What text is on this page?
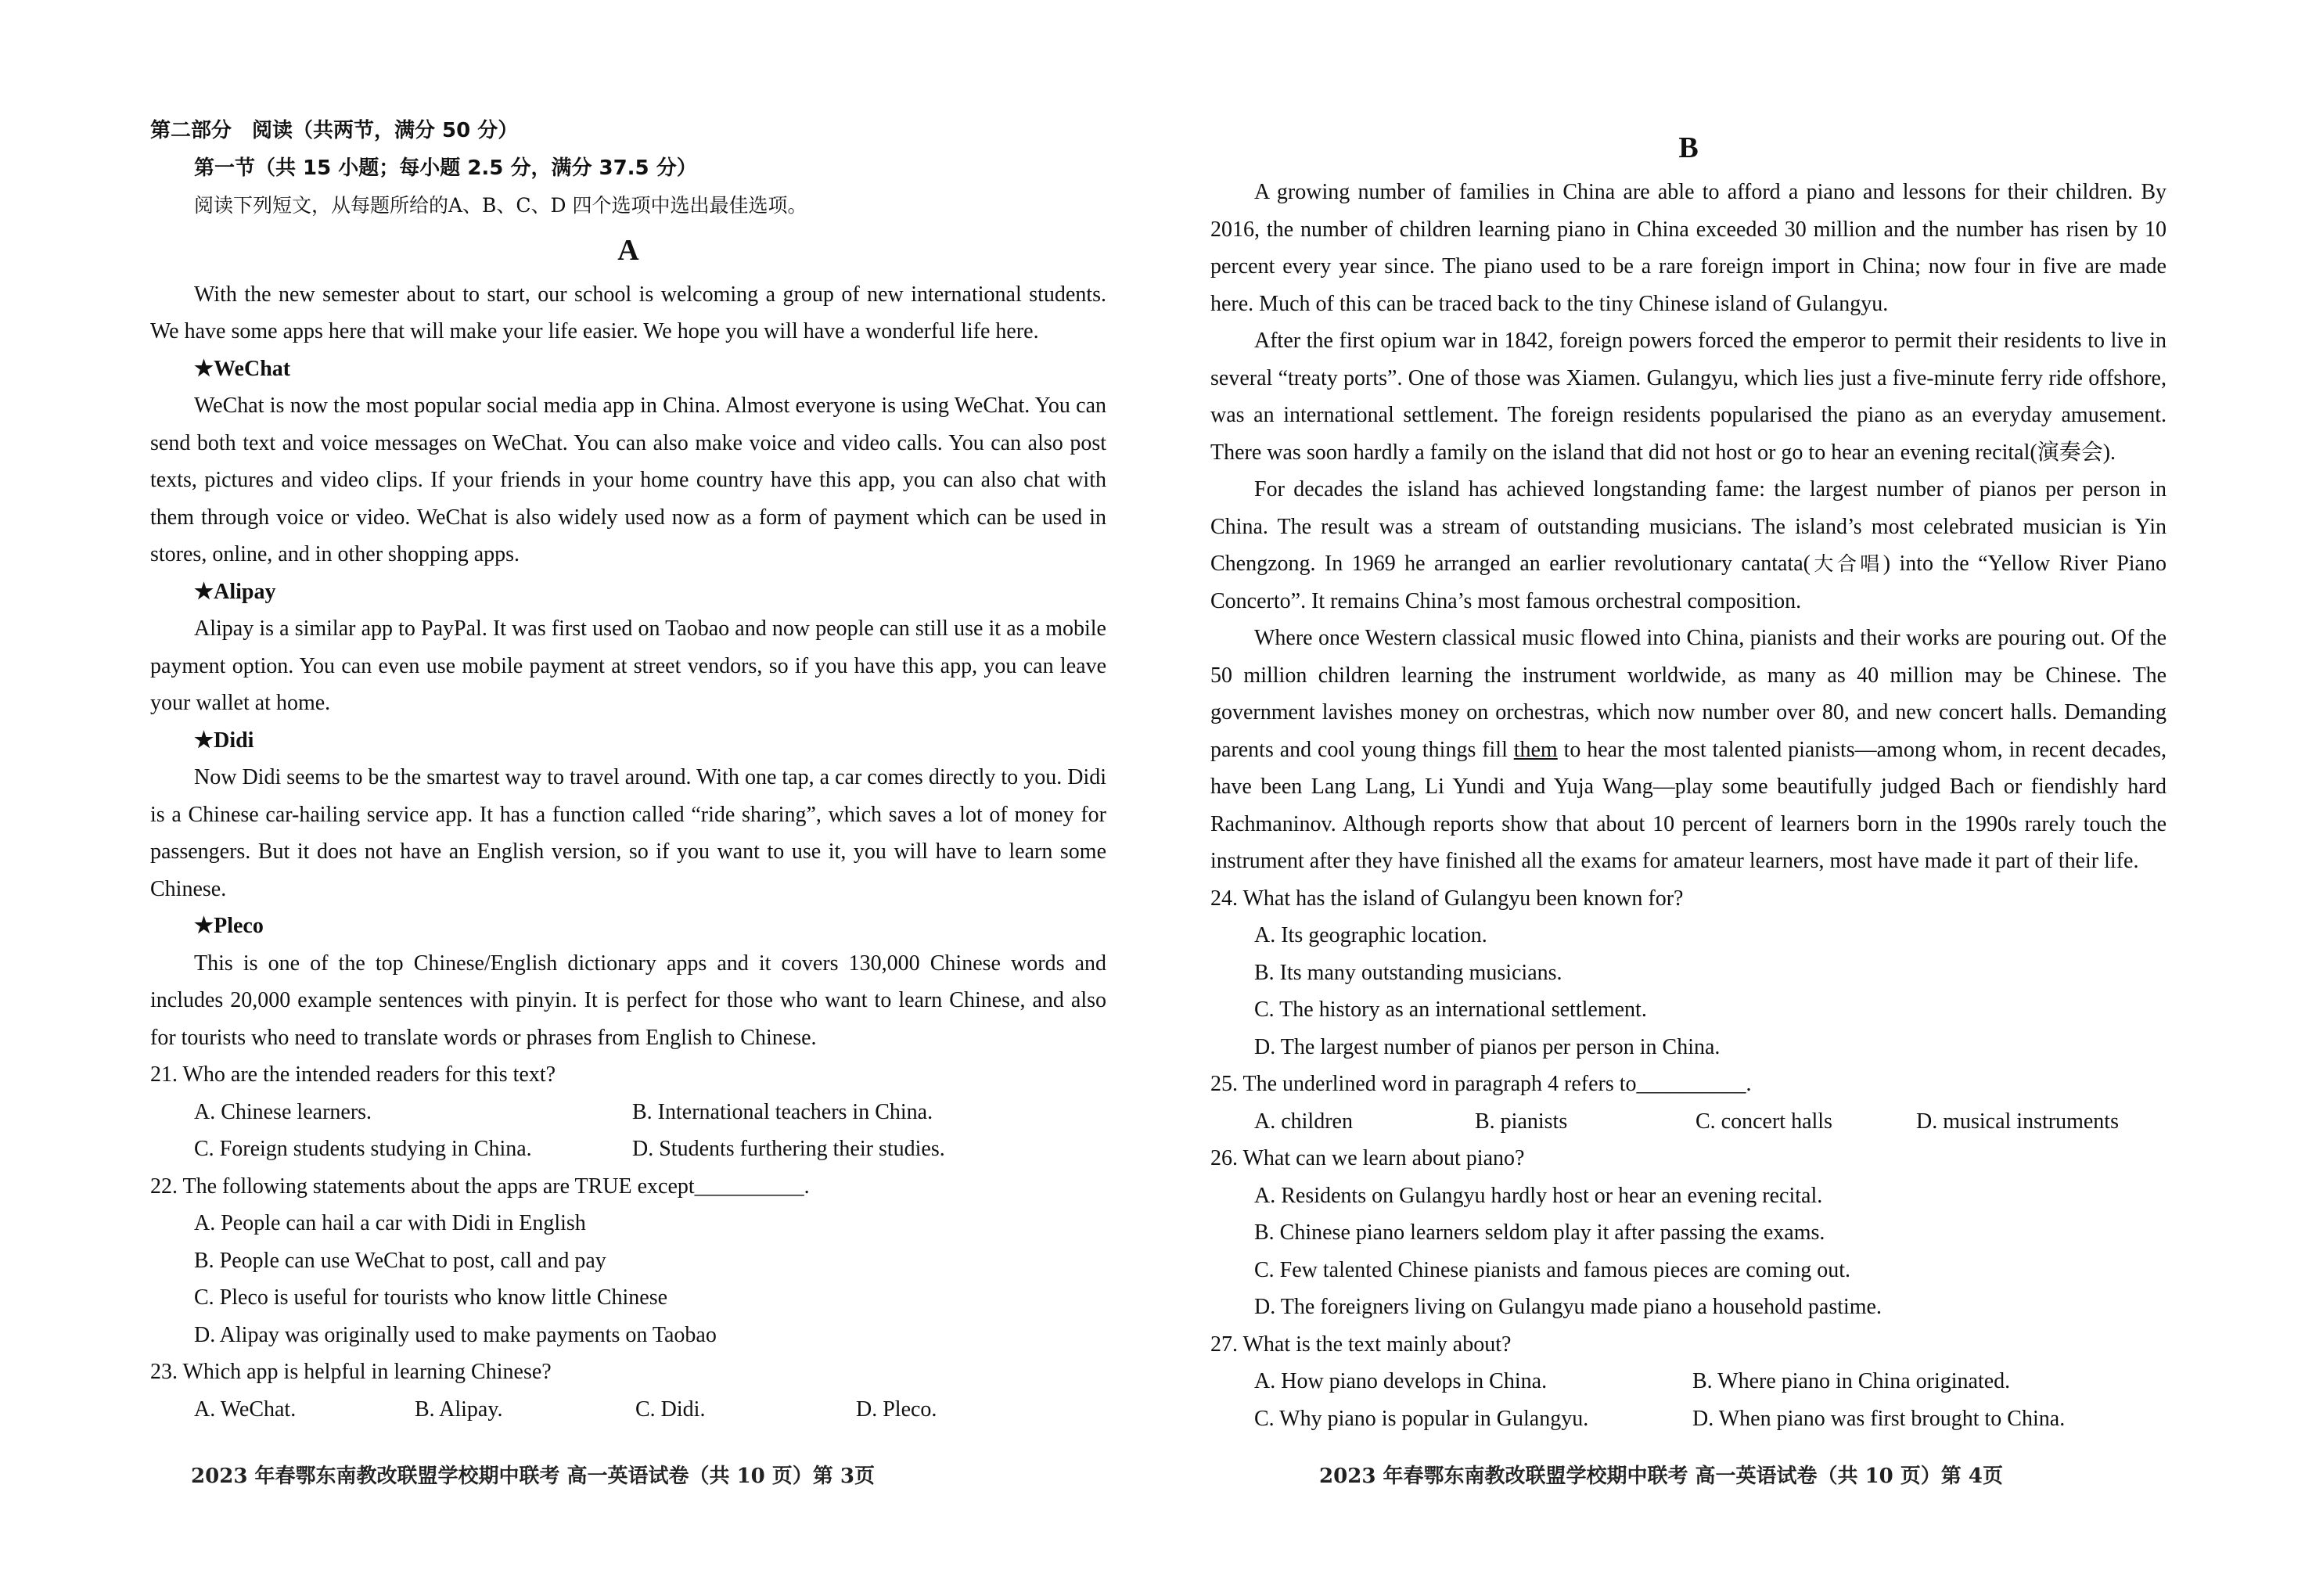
第二部分　阅读（共两节，满分 50 分）
第一节（共 15 小题；每小题 2.5 分，满分 37.5 分）
阅读下列短文，从每题所给的A、B、C、D 四个选项中选出最佳选项。
A

With the new semester about to start, our school is welcoming a group of new international students. We have some apps here that will make your life easier. We hope you will have a wonderful life here.

★WeChat

WeChat is now the most popular social media app in China. Almost everyone is using WeChat. You can send both text and voice messages on WeChat. You can also make voice and video calls. You can also post texts, pictures and video clips. If your friends in your home country have this app, you can also chat with them through voice or video. WeChat is also widely used now as a form of payment which can be used in stores, online, and in other shopping apps.

★Alipay

Alipay is a similar app to PayPal. It was first used on Taobao and now people can still use it as a mobile payment option. You can even use mobile payment at street vendors, so if you have this app, you can leave your wallet at home.

★Didi

Now Didi seems to be the smartest way to travel around. With one tap, a car comes directly to you. Didi is a Chinese car-hailing service app. It has a function called “ride sharing”, which saves a lot of money for passengers. But it does not have an English version, so if you want to use it, you will have to learn some Chinese.

★Pleco

This is one of the top Chinese/English dictionary apps and it covers 130,000 Chinese words and includes 20,000 example sentences with pinyin. It is perfect for those who want to learn Chinese, and also for tourists who need to translate words or phrases from English to Chinese.

21. Who are the intended readers for this text?
A. Chinese learners.	B. International teachers in China.
C. Foreign students studying in China.	D. Students furthering their studies.
22. The following statements about the apps are TRUE except__________.
A. People can hail a car with Didi in English
B. People can use WeChat to post, call and pay
C. Pleco is useful for tourists who know little Chinese
D. Alipay was originally used to make payments on Taobao
23. Which app is helpful in learning Chinese?
A. WeChat.	B. Alipay.	C. Didi.	D. Pleco.
2023 年春鄂东南教改联盟学校期中联考 高一英语试卷（共 10 页）第 3页
B

A growing number of families in China are able to afford a piano and lessons for their children. By 2016, the number of children learning piano in China exceeded 30 million and the number has risen by 10 percent every year since. The piano used to be a rare foreign import in China; now four in five are made here. Much of this can be traced back to the tiny Chinese island of Gulangyu.

After the first opium war in 1842, foreign powers forced the emperor to permit their residents to live in several “treaty ports”. One of those was Xiamen. Gulangyu, which lies just a five-minute ferry ride offshore, was an international settlement. The foreign residents popularised the piano as an everyday amusement. There was soon hardly a family on the island that did not host or go to hear an evening recital(演奏会).

For decades the island has achieved longstanding fame: the largest number of pianos per person in China. The result was a stream of outstanding musicians. The island’s most celebrated musician is Yin Chengzong. In 1969 he arranged an earlier revolutionary cantata(大合唱) into the “Yellow River Piano Concerto”. It remains China’s most famous orchestral composition.

Where once Western classical music flowed into China, pianists and their works are pouring out. Of the 50 million children learning the instrument worldwide, as many as 40 million may be Chinese. The government lavishes money on orchestras, which now number over 80, and new concert halls. Demanding parents and cool young things fill them to hear the most talented pianists—among whom, in recent decades, have been Lang Lang, Li Yundi and Yuja Wang—play some beautifully judged Bach or fiendishly hard Rachmaninov. Although reports show that about 10 percent of learners born in the 1990s rarely touch the instrument after they have finished all the exams for amateur learners, most have made it part of their life.

24. What has the island of Gulangyu been known for?
A. Its geographic location.
B. Its many outstanding musicians.
C. The history as an international settlement.
D. The largest number of pianos per person in China.
25. The underlined word in paragraph 4 refers to__________.
A. children	B. pianists	C. concert halls	D. musical instruments
26. What can we learn about piano?
A. Residents on Gulangyu hardly host or hear an evening recital.
B. Chinese piano learners seldom play it after passing the exams.
C. Few talented Chinese pianists and famous pieces are coming out.
D. The foreigners living on Gulangyu made piano a household pastime.
27. What is the text mainly about?
A. How piano develops in China.	B. Where piano in China originated.
C. Why piano is popular in Gulangyu.	D. When piano was first brought to China.
2023 年春鄂东南教改联盟学校期中联考 高一英语试卷（共 10 页）第 4页
